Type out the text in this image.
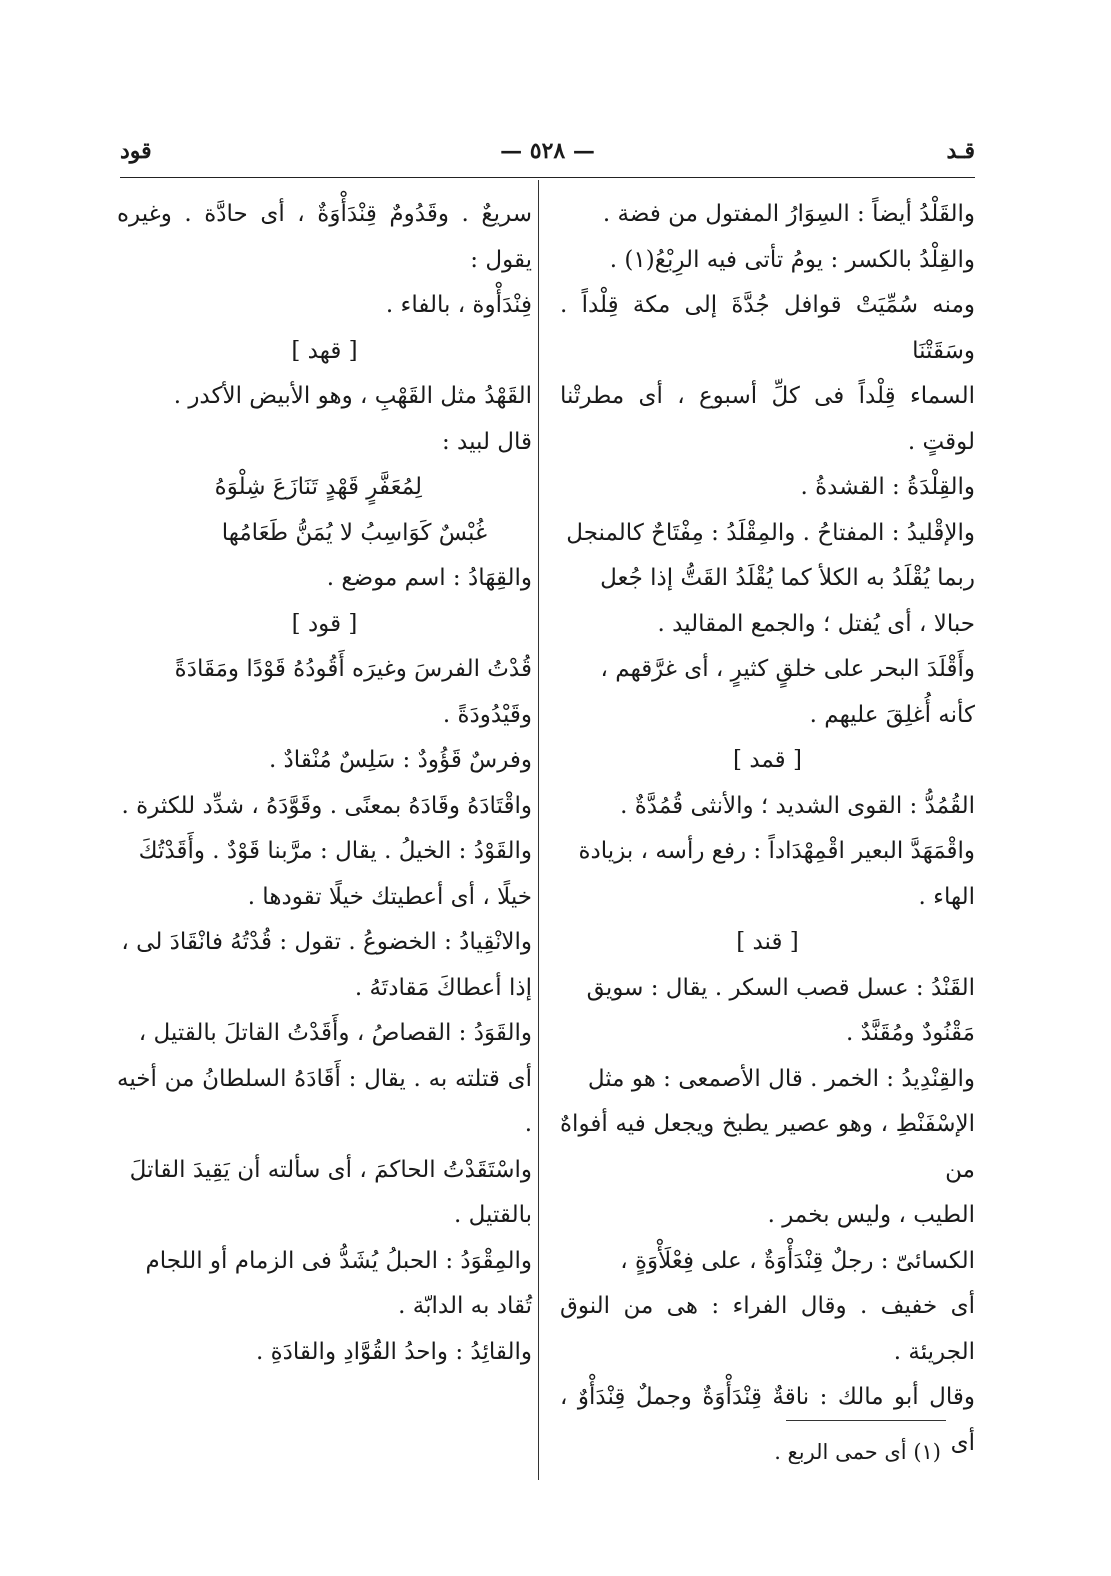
قـد
— ٥٢٨ —
قود

والقَلْدُ أيضاً : السِوَارُ المفتول من فضة .

والقِلْدُ بالكسر : يومُ تأتى فيه الرِبْعُ(١) .

ومنه سُمِّيَتْ قوافل جُدَّةَ إلى مكة قِلْداً . وسَقَتْنَا

السماء قِلْداً فى كلِّ أسبوع ، أى مطرتْنا لوقتٍ .

والقِلْدَةُ : القشدةُ .

والإقْليدُ : المفتاحُ . والمِقْلَدُ : مِفْتَاحٌ كالمنجل

ربما يُقْلَدُ به الكلأ كما يُقْلَدُ القَتُّ إذا جُعل

حبالا ، أى يُفتل ؛ والجمع المقاليد .

وأَقْلَدَ البحر على خلقٍ كثيرٍ ، أى غرَّقهم ،

كأنه أُغلِقَ عليهم .

[ قمد ]

القُمُدُّ : القوى الشديد ؛ والأنثى قُمُدَّةٌ .

واقْمَهَدَّ البعير اقْمِهْدَاداً : رفع رأسه ، بزيادة

الهاء .

[ قند ]

القَنْدُ : عسل قصب السكر . يقال : سويق

مَقْنُودٌ ومُقَنَّدٌ .

والقِنْدِيدُ : الخمر . قال الأصمعى : هو مثل

الإسْفَنْطِ ، وهو عصير يطبخ ويجعل فيه أفواهٌ من

الطيب ، وليس بخمر .

الكسائىّ : رجلٌ قِنْدَأْوَةٌ ، على فِعْلَأْوَةٍ ،

أى خفيف . وقال الفراء : هى من النوق الجريئة .

وقال أبو مالك : ناقةٌ قِنْدَأْوَةٌ وجملٌ قِنْدَأْوٌ ، أى

سريعٌ . وقَدُومٌ قِنْدَأْوَةٌ ، أى حادَّة . وغيره يقول :

فِنْدَأْوة ، بالفاء .

[ قهد ]

القَهْدُ مثل القَهْبِ ، وهو الأبيض الأكدر .

قال لبيد :

لِمُعَفَّرٍ قَهْدٍ تَنَازَعَ شِلْوَهُ

غُبْسٌ كَوَاسِبُ لا يُمَنُّ طَعَامُها

والقِهَادُ : اسم موضع .

[ قود ]

قُدْتُ الفرسَ وغيرَه أَقُودُهُ قَوْدًا ومَقَادَةً

وقَيْدُودَةً .

وفرسٌ قَؤُودٌ : سَلِسٌ مُنْقادٌ .

واقْتَادَهُ وقَادَهُ بمعنًى . وقَوَّدَهُ ، شدِّد للكثرة .

والقَوْدُ : الخيلُ . يقال : مرَّبنا قَوْدٌ . وأَقَدْتُكَ

خيلًا ، أى أعطيتك خيلًا تقودها .

والانْقِيادُ : الخضوعُ . تقول : قُدْتُهُ فانْقَادَ لى ،

إذا أعطاكَ مَقادتَهُ .

والقَوَدُ : القصاصُ ، وأَقَدْتُ القاتلَ بالقتيل ،

أى قتلته به . يقال : أَقَادَهُ السلطانُ من أخيه .

واسْتَقَدْتُ الحاكمَ ، أى سألته أن يَقِيدَ القاتلَ

بالقتيل .

والمِقْوَدُ : الحبلُ يُشَدُّ فى الزمام أو اللجام

تُقاد به الدابّة .

والقائِدُ : واحدُ القُوَّادِ والقادَةِ .

(١) أى حمى الربع .
